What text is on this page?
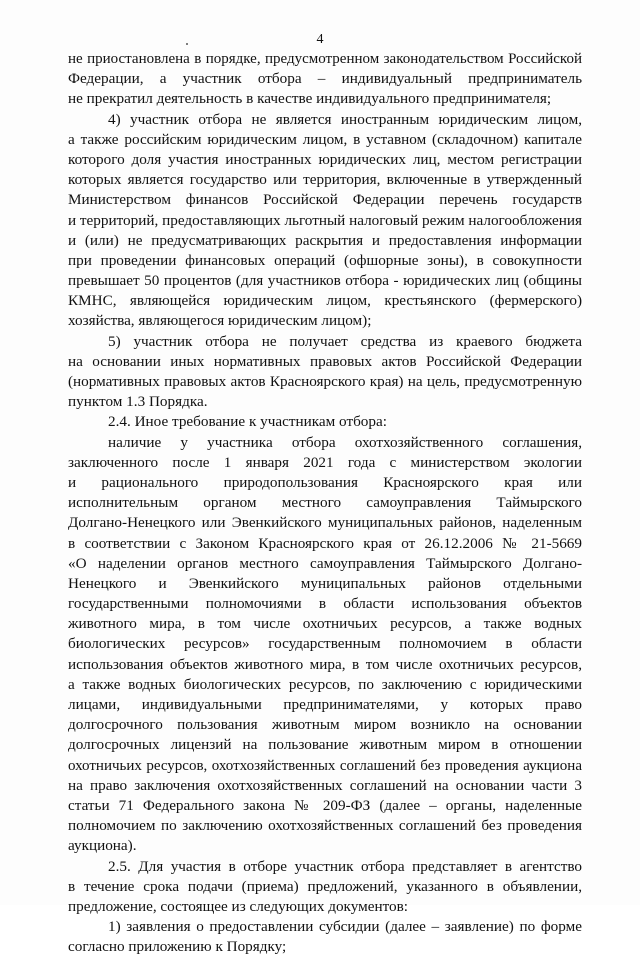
4
не приостановлена в порядке, предусмотренном законодательством Российской
Федерации, а участник отбора – индивидуальный предприниматель
не прекратил деятельность в качестве индивидуального предпринимателя;
4) участник отбора не является иностранным юридическим лицом,
а также российским юридическим лицом, в уставном (складочном) капитале
которого доля участия иностранных юридических лиц, местом регистрации
которых является государство или территория, включенные в утвержденный
Министерством финансов Российской Федерации перечень государств
и территорий, предоставляющих льготный налоговый режим налогообложения
и (или) не предусматривающих раскрытия и предоставления информации
при проведении финансовых операций (офшорные зоны), в совокупности
превышает 50 процентов (для участников отбора - юридических лиц (общины
КМНС, являющейся юридическим лицом, крестьянского (фермерского)
хозяйства, являющегося юридическим лицом);
5) участник отбора не получает средства из краевого бюджета
на основании иных нормативных правовых актов Российской Федерации
(нормативных правовых актов Красноярского края) на цель, предусмотренную
пунктом 1.3 Порядка.
2.4. Иное требование к участникам отбора:
наличие у участника отбора охотхозяйственного соглашения,
заключенного после 1 января 2021 года с министерством экологии
и рационального природопользования Красноярского края или
исполнительным органом местного самоуправления Таймырского
Долгано-Ненецкого или Эвенкийского муниципальных районов, наделенным
в соответствии с Законом Красноярского края от 26.12.2006 № 21-5669
«О наделении органов местного самоуправления Таймырского Долгано-
Ненецкого и Эвенкийского муниципальных районов отдельными
государственными полномочиями в области использования объектов
животного мира, в том числе охотничьих ресурсов, а также водных
биологических ресурсов» государственным полномочием в области
использования объектов животного мира, в том числе охотничьих ресурсов,
а также водных биологических ресурсов, по заключению с юридическими
лицами, индивидуальными предпринимателями, у которых право
долгосрочного пользования животным миром возникло на основании
долгосрочных лицензий на пользование животным миром в отношении
охотничьих ресурсов, охотхозяйственных соглашений без проведения аукциона
на право заключения охотхозяйственных соглашений на основании части 3
статьи 71 Федерального закона № 209-ФЗ (далее – органы, наделенные
полномочием по заключению охотхозяйственных соглашений без проведения
аукциона).
2.5. Для участия в отборе участник отбора представляет в агентство
в течение срока подачи (приема) предложений, указанного в объявлении,
предложение, состоящее из следующих документов:
1) заявления о предоставлении субсидии (далее – заявление) по форме
согласно приложению к Порядку;
